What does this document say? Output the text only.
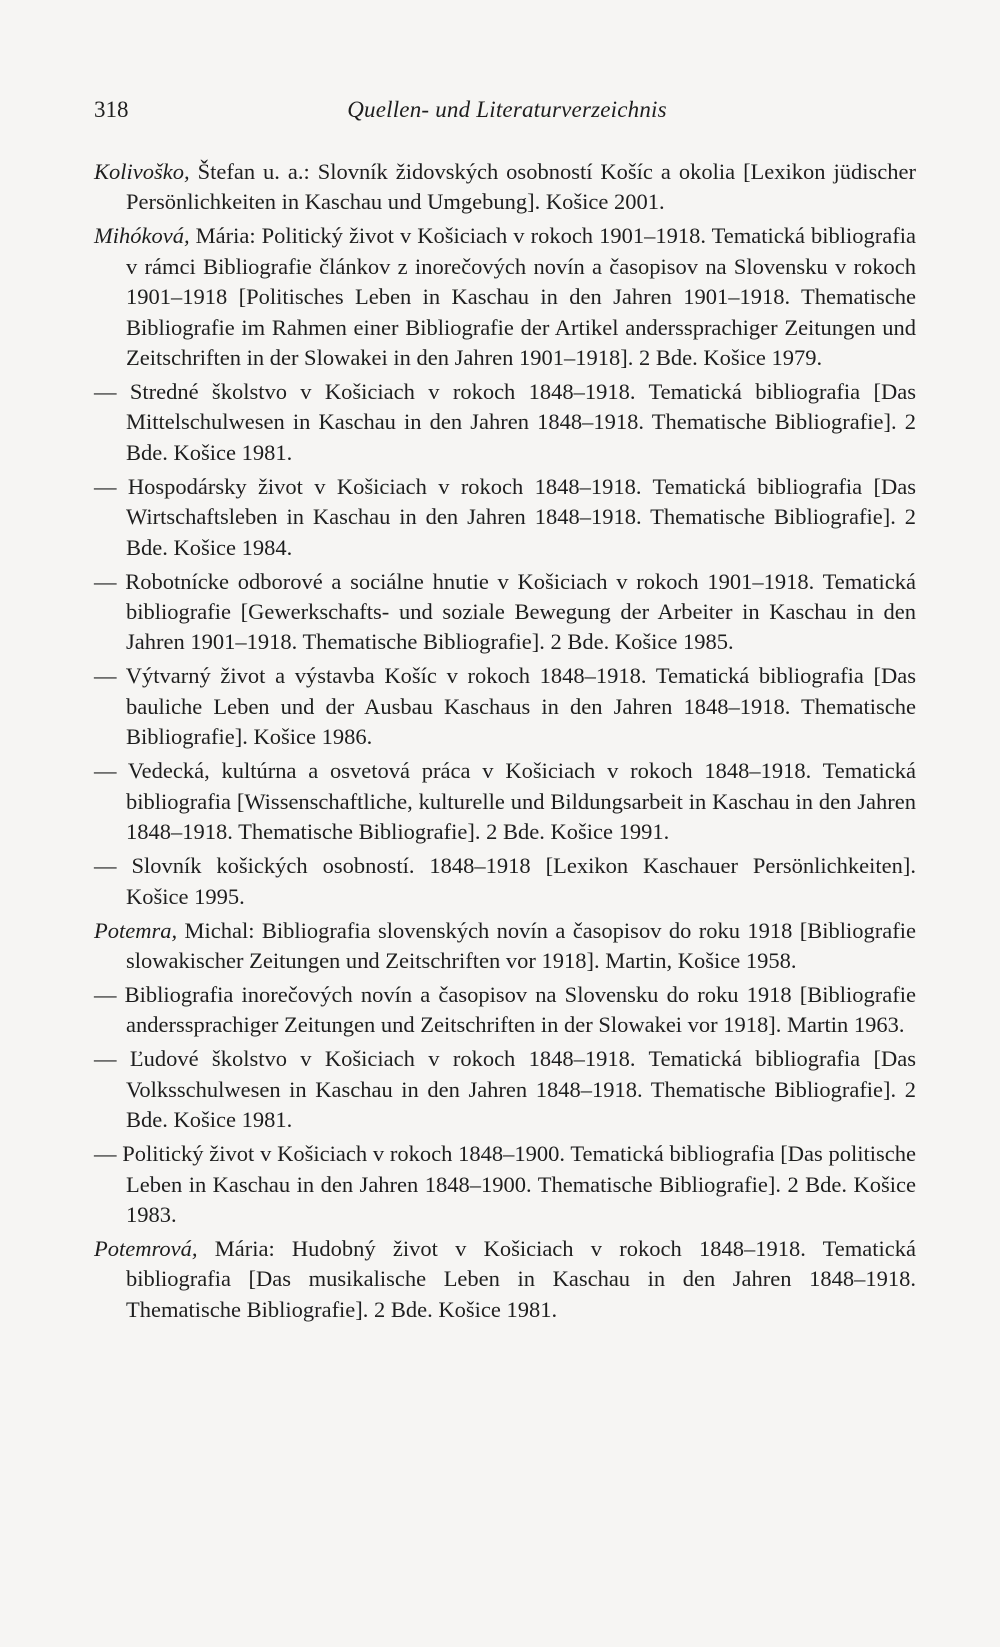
318	Quellen- und Literaturverzeichnis

Kolivoško, Štefan u. a.: Slovník židovských osobností Košíc a okolia [Lexikon jüdischer Persönlichkeiten in Kaschau und Umgebung]. Košice 2001.

Mihóková, Mária: Politický život v Košiciach v rokoch 1901–1918. Tematická bibliografia v rámci Bibliografie článkov z inorečových novín a časopisov na Slovensku v rokoch 1901–1918 [Politisches Leben in Kaschau in den Jahren 1901–1918. Thematische Bibliografie im Rahmen einer Bibliografie der Artikel anderssprachiger Zeitungen und Zeitschriften in der Slowakei in den Jahren 1901–1918]. 2 Bde. Košice 1979.

— Stredné školstvo v Košiciach v rokoch 1848–1918. Tematická bibliografia [Das Mittelschulwesen in Kaschau in den Jahren 1848–1918. Thematische Bibliografie]. 2 Bde. Košice 1981.

— Hospodársky život v Košiciach v rokoch 1848–1918. Tematická bibliografia [Das Wirtschaftsleben in Kaschau in den Jahren 1848–1918. Thematische Bibliografie]. 2 Bde. Košice 1984.

— Robotnícke odborové a sociálne hnutie v Košiciach v rokoch 1901–1918. Tematická bibliografie [Gewerkschafts- und soziale Bewegung der Arbeiter in Kaschau in den Jahren 1901–1918. Thematische Bibliografie]. 2 Bde. Košice 1985.

— Výtvarný život a výstavba Košíc v rokoch 1848–1918. Tematická bibliografia [Das bauliche Leben und der Ausbau Kaschaus in den Jahren 1848–1918. Thematische Bibliografie]. Košice 1986.

— Vedecká, kultúrna a osvetová práca v Košiciach v rokoch 1848–1918. Tematická bibliografia [Wissenschaftliche, kulturelle und Bildungsarbeit in Kaschau in den Jahren 1848–1918. Thematische Bibliografie]. 2 Bde. Košice 1991.

— Slovník košických osobností. 1848–1918 [Lexikon Kaschauer Persönlichkeiten]. Košice 1995.

Potemra, Michal: Bibliografia slovenských novín a časopisov do roku 1918 [Bibliografie slowakischer Zeitungen und Zeitschriften vor 1918]. Martin, Košice 1958.

— Bibliografia inorečových novín a časopisov na Slovensku do roku 1918 [Bibliografie anderssprachiger Zeitungen und Zeitschriften in der Slowakei vor 1918]. Martin 1963.

— Ľudové školstvo v Košiciach v rokoch 1848–1918. Tematická bibliografia [Das Volksschulwesen in Kaschau in den Jahren 1848–1918. Thematische Bibliografie]. 2 Bde. Košice 1981.

— Politický život v Košiciach v rokoch 1848–1900. Tematická bibliografia [Das politische Leben in Kaschau in den Jahren 1848–1900. Thematische Bibliografie]. 2 Bde. Košice 1983.

Potemrová, Mária: Hudobný život v Košiciach v rokoch 1848–1918. Tematická bibliografia [Das musikalische Leben in Kaschau in den Jahren 1848–1918. Thematische Bibliografie]. 2 Bde. Košice 1981.
